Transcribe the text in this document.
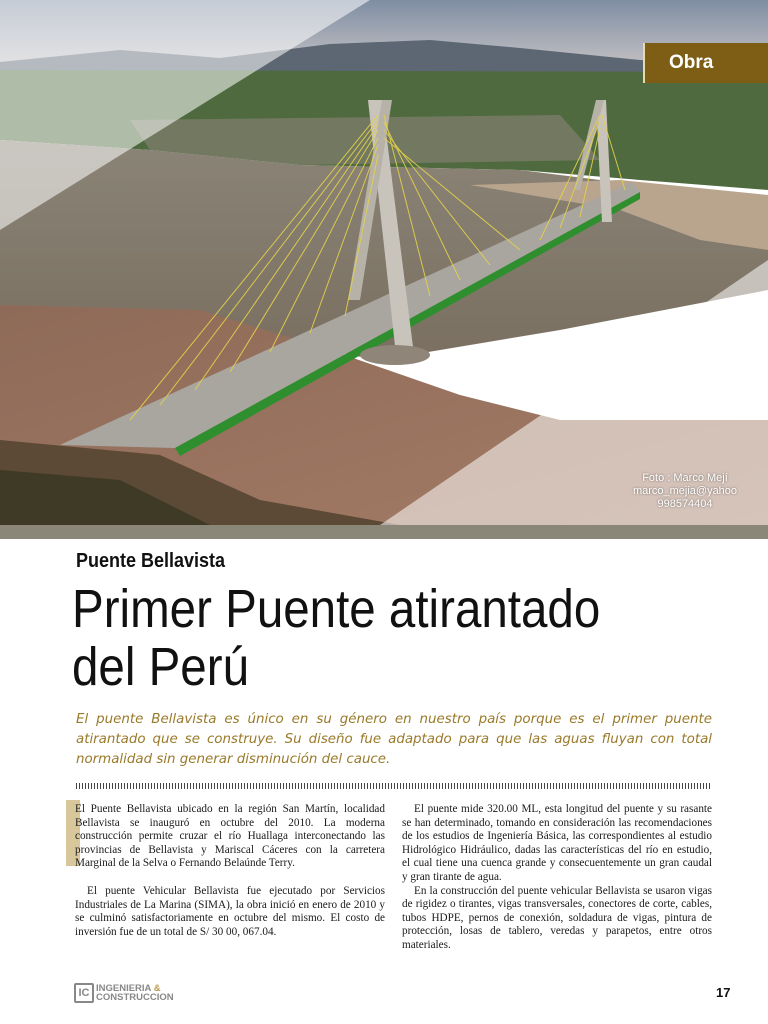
Obra
Foto : Marco Mejí
marco_mejia@yahoo
998574404
Puente Bellavista
Primer Puente atirantado
del Perú
El puente Bellavista es único en su género en nuestro país porque es el primer puente atirantado que se construye. Su diseño fue adaptado para que las aguas fluyan con total normalidad sin generar disminución del cauce.

El Puente Bellavista ubicado en la región San Martín, localidad Bellavista se inauguró en octubre del 2010. La moderna construcción permite cruzar el río Huallaga interconectando las provincias de Bellavista y Mariscal Cáceres con la carretera Marginal de la Selva o Fernando Belaúnde Terry.

El puente Vehicular Bellavista fue ejecutado por Servicios Industriales de La Marina (SIMA), la obra inició en enero de 2010 y se culminó satisfactoriamente en octubre del mismo. El costo de inversión fue de un total de S/ 30 00, 067.04.

El puente mide 320.00 ML, esta longitud del puente y su rasante se han determinado, tomando en consideración las recomendaciones de los estudios de Ingeniería Básica, las correspondientes al estudio Hidrológico Hidráulico, dadas las características del río en estudio, el cual tiene una cuenca grande y consecuentemente un gran caudal y gran tirante de agua.

En la construcción del puente vehicular Bellavista se usaron vigas de rigidez o tirantes, vigas transversales, conectores de corte, cables, tubos HDPE, pernos de conexión, soldadura de vigas, pintura de protección, losas de tablero, veredas y parapetos, entre otros materiales.

IC INGENIERIA &
CONSTRUCCION	17
